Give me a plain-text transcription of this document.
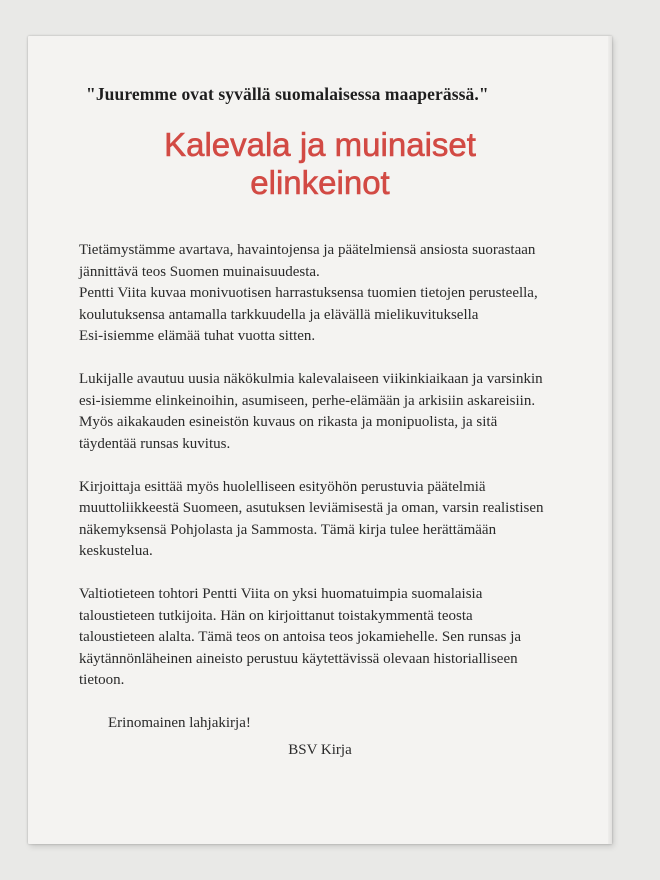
"Juuremme ovat syvällä suomalaisessa maaperässä."

Kalevala ja muinaiset
elinkeinot

Tietämystämme avartava, havaintojensa ja päätelmiensä ansiosta suorastaan
jännittävä teos Suomen muinaisuudesta.
Pentti Viita kuvaa monivuotisen harrastuksensa tuomien tietojen perusteella,
koulutuksensa antamalla tarkkuudella ja elävällä mielikuvituksella
Esi-isiemme elämää tuhat vuotta sitten.

Lukijalle avautuu uusia näkökulmia kalevalaiseen viikinkiaikaan ja varsinkin
esi-isiemme elinkeinoihin, asumiseen, perhe-elämään ja arkisiin askareisiin.
Myös aikakauden esineistön kuvaus on rikasta ja monipuolista, ja sitä
täydentää runsas kuvitus.

Kirjoittaja esittää myös huolelliseen esityöhön perustuvia päätelmiä
muuttoliikkeestä Suomeen, asutuksen leviämisestä ja oman, varsin realistisen
näkemyksensä Pohjolasta ja Sammosta. Tämä kirja tulee herättämään
keskustelua.

Valtiotieteen tohtori Pentti Viita on yksi huomatuimpia suomalaisia
taloustieteen tutkijoita. Hän on kirjoittanut toistakymmentä teosta
taloustieteen alalta. Tämä teos on antoisa teos jokamiehelle. Sen runsas ja
käytännönläheinen aineisto perustuu käytettävissä olevaan historialliseen
tietoon.

Erinomainen lahjakirja!

BSV Kirja
